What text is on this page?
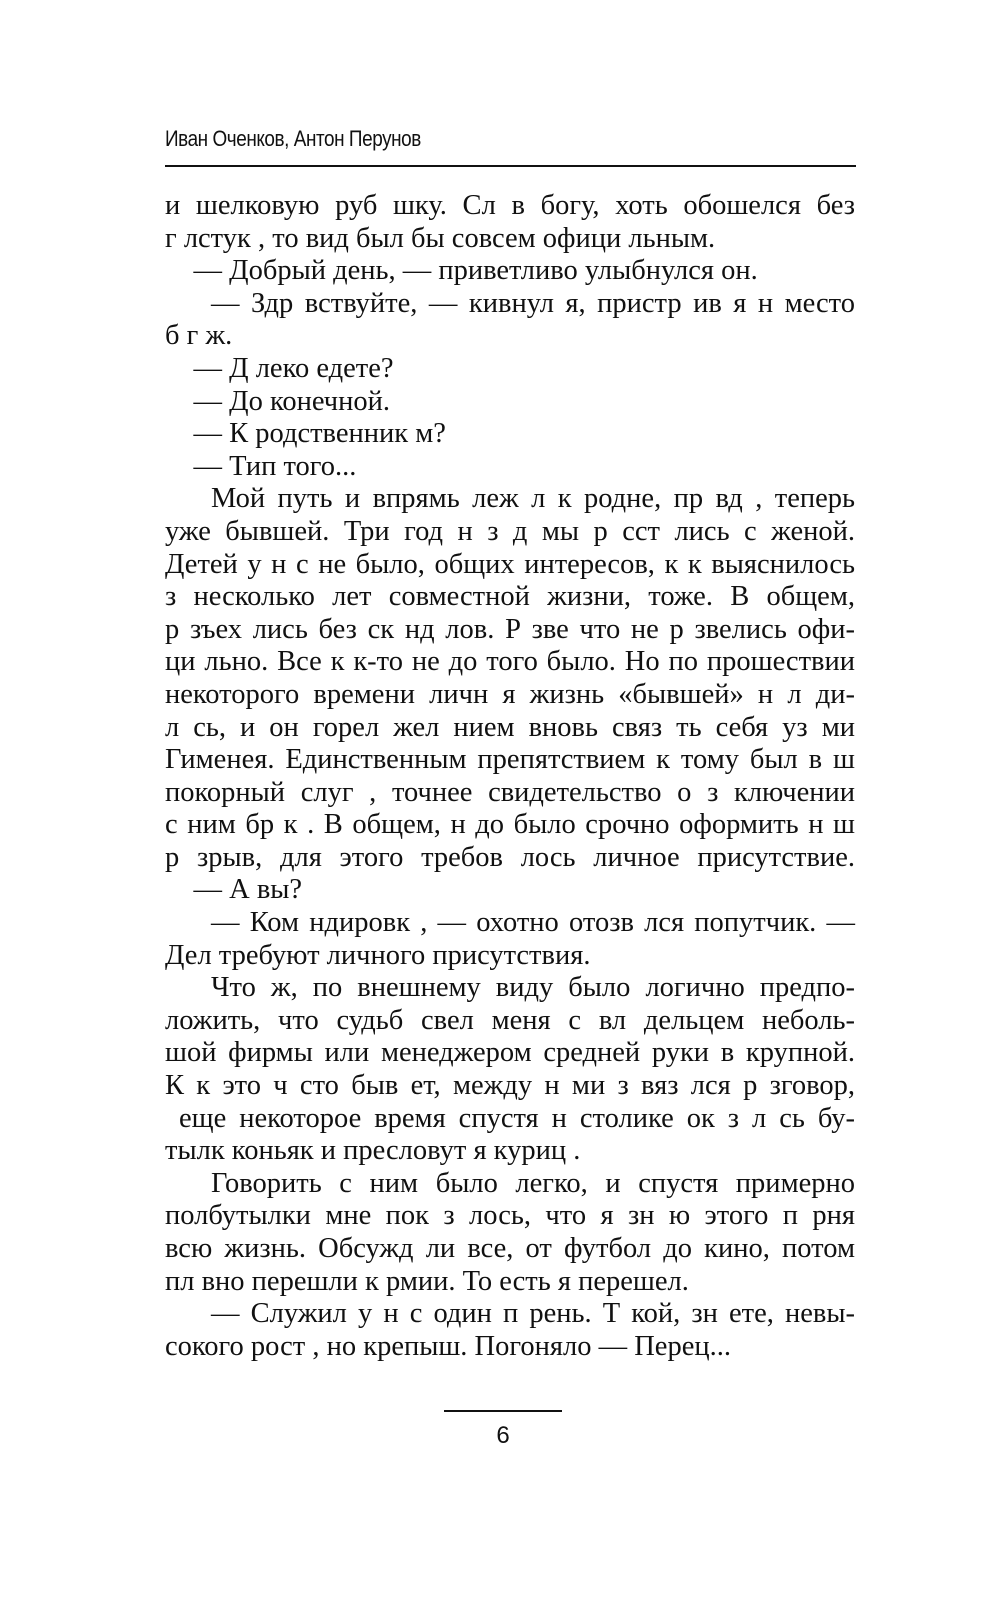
Иван Оченков, Антон Перунов
и шелковую руб шку. Сл в богу, хоть обошелся без
г лстук , то вид был бы совсем офици льным.
— Добрый день, — приветливо улыбнулся он.
— Здр вствуйте, — кивнул я, пристр ив я н место
б г ж.
— Д леко едете?
— До конечной.
— К родственник м?
— Тип того...
Мой путь и впрямь леж л к родне, пр вд , теперь
уже бывшей. Три год н з д мы р сст лись с женой.
Детей у н с не было, общих интересов, к к выяснилось
з несколько лет совместной жизни, тоже. В общем,
р зъех лись без ск нд лов. Р зве что не р звелись офи-
ци льно. Все к к-то не до того было. Но по прошествии
некоторого времени личн я жизнь «бывшей» н л ди-
л сь, и он горел жел нием вновь связ ть себя уз ми
Гименея. Единственным препятствием к тому был в ш
покорный слуг , точнее свидетельство о з ключении
с ним бр к . В общем, н до было срочно оформить н ш
р зрыв, для этого требов лось личное присутствие.
— А вы?
— Ком ндировк , — охотно отозв лся попутчик. —
Дел требуют личного присутствия.
Что ж, по внешнему виду было логично предпо-
ложить, что судьб свел меня с вл дельцем неболь-
шой фирмы или менеджером средней руки в крупной.
К к это ч сто быв ет, между н ми з вяз лся р зговор,
еще некоторое время спустя н столике ок з л сь бу-
тылк коньяк и пресловут я куриц .
Говорить с ним было легко, и спустя примерно
полбутылки мне пок з лось, что я зн ю этого п рня
всю жизнь. Обсужд ли все, от футбол до кино, потом
пл вно перешли к рмии. То есть я перешел.
— Служил у н с один п рень. Т кой, зн ете, невы-
сокого рост , но крепыш. Погоняло — Перец...
6
